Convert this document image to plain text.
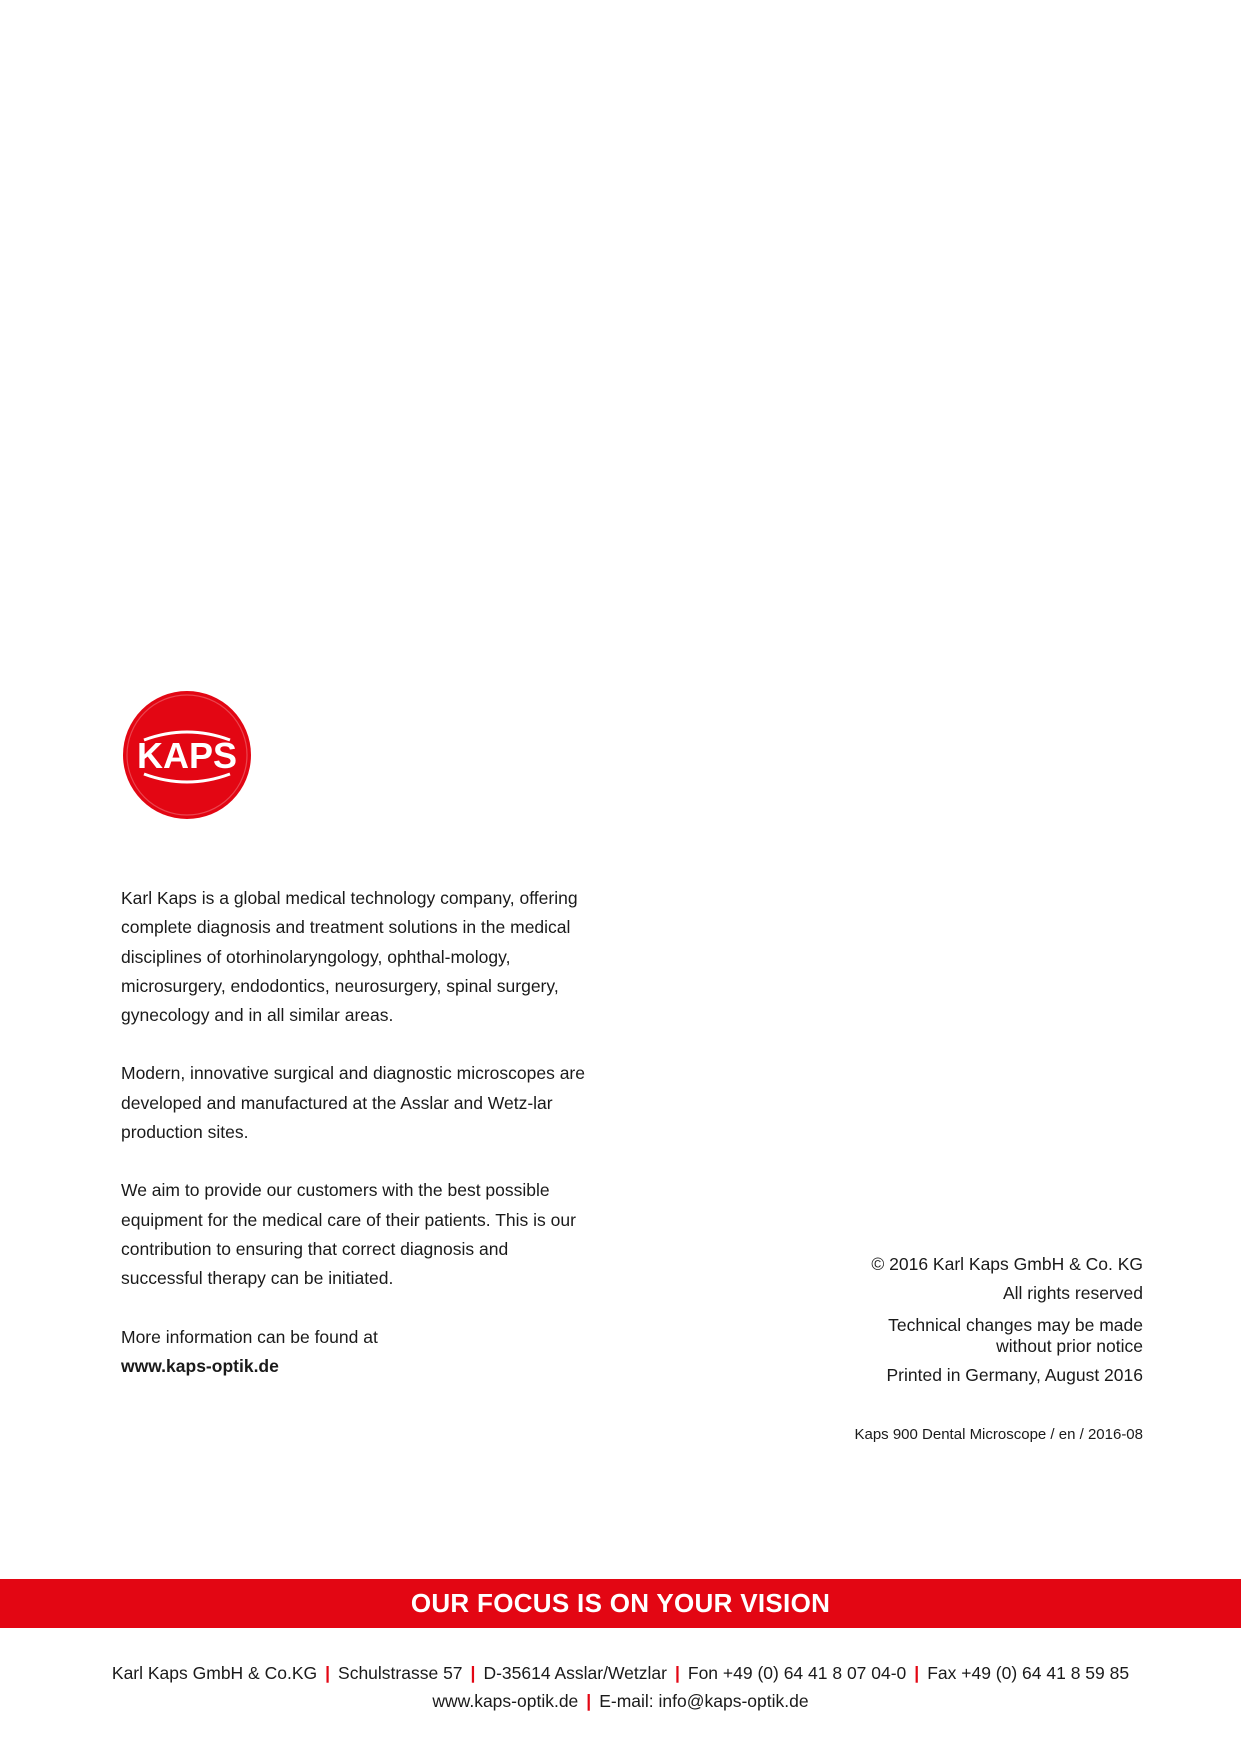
KAPS

Karl Kaps is a global medical technology company, offering complete diagnosis and treatment solutions in the medical disciplines of otorhinolaryngology, ophthal-mology, microsurgery, endodontics, neurosurgery, spinal surgery, gynecology and in all similar areas.

Modern, innovative surgical and diagnostic microscopes are developed and manufactured at the Asslar and Wetz-lar production sites.

We aim to provide our customers with the best possible equipment for the medical care of their patients. This is our contribution to ensuring that correct diagnosis and successful therapy can be initiated.

More information can be found at
www.kaps-optik.de

© 2016 Karl Kaps GmbH & Co. KG
All rights reserved
Technical changes may be made
without prior notice
Printed in Germany, August 2016
Kaps 900 Dental Microscope / en / 2016-08
OUR FOCUS IS ON YOUR VISION
Karl Kaps GmbH & Co.KG | Schulstrasse 57 | D-35614 Asslar/Wetzlar | Fon +49 (0) 64 41 8 07 04-0 | Fax +49 (0) 64 41 8 59 85
www.kaps-optik.de | E-mail: info@kaps-optik.de
